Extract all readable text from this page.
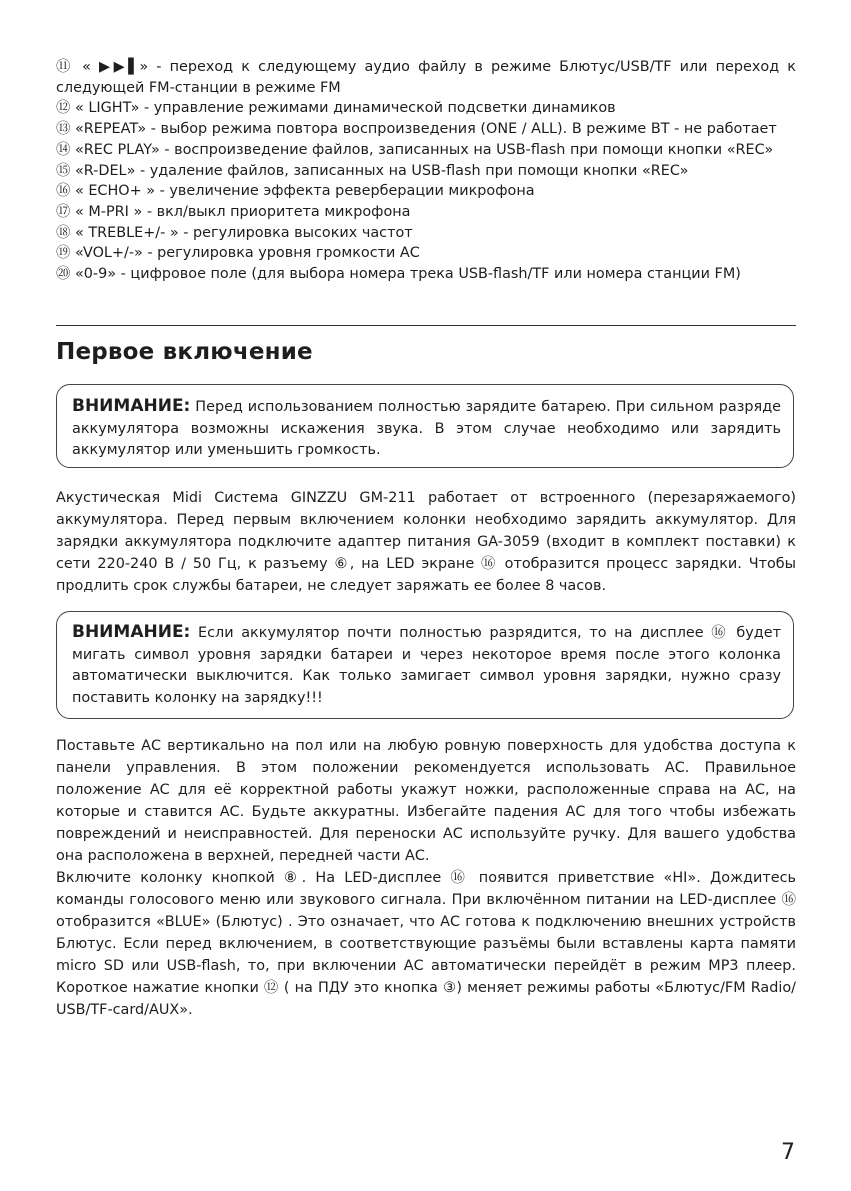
⑪ « ▶▶▌» - переход к следующему аудио файлу в режиме Блютус/USB/TF или переход к следующей FM-станции в режиме FM

⑫ « LIGHT» - управление режимами динамической подсветки динамиков

⑬ «REPEAT» - выбор режима повтора воспроизведения (ONE / ALL). В режиме BT - не работает

⑭ «REC PLAY» - воспроизведение файлов, записанных на USB-flash при помощи кнопки «REC»

⑮ «R-DEL» - удаление файлов, записанных на USB-flash при помощи кнопки «REC»

⑯ « ECHO+ » - увеличение эффекта реверберации микрофона

⑰ « M-PRI » - вкл/выкл приоритета микрофона

⑱ « TREBLE+/- » - регулировка высоких частот

⑲ «VOL+/-» - регулировка уровня громкости АС

⑳ «0-9» - цифровое поле (для выбора номера трека USB-flash/TF или номера станции FM)

Первое включение

ВНИМАНИЕ: Перед использованием полностью зарядите батарею. При сильном разряде аккумулятора возможны искажения звука. В этом случае необходимо или зарядить аккумулятор или уменьшить громкость.

Акустическая Midi Система GINZZU GM-211 работает от встроенного (перезаряжаемого) аккумулятора. Перед первым включением колонки необходимо зарядить аккумулятор. Для зарядки аккумулятора подключите адаптер питания GA-3059 (входит в комплект поставки) к сети 220-240 В / 50 Гц, к разъему ⑥, на LED экране ⑯ отобразится процесс зарядки. Чтобы продлить срок службы батареи, не следует заряжать ее более 8 часов.

ВНИМАНИЕ: Если аккумулятор почти полностью разрядится, то на дисплее ⑯ будет мигать символ уровня зарядки батареи и через некоторое время после этого колонка автоматически выключится. Как только замигает символ уровня зарядки, нужно сразу поставить колонку на зарядку!!!

Поставьте АС вертикально на пол или на любую ровную поверхность для удобства доступа к панели управления. В этом положении рекомендуется использовать АС. Правильное положение АС для её корректной работы укажут ножки, расположенные справа на АС, на которые и ставится АС. Будьте аккуратны. Избегайте падения АС для того чтобы избежать повреждений и неисправностей. Для переноски АС используйте ручку. Для вашего удобства она расположена в верхней, передней части АС.

Включите колонку кнопкой ⑧. На LED-дисплее ⑯ появится приветствие «HI». Дождитесь команды голосового меню или звукового сигнала. При включённом питании на LED-дисплее ⑯ отобразится «BLUE» (Блютус) . Это означает, что АС готова к подключению внешних устройств Блютус. Если перед включением, в соответствующие разъёмы были вставлены карта памяти micro SD или USB-flash, то, при включении АС автоматически перейдёт в режим MP3 плеер. Короткое нажатие кнопки ⑫ ( на ПДУ это кнопка ③) меняет режимы работы «Блютус/FM Radio/ USB/TF-card/AUX».

7
